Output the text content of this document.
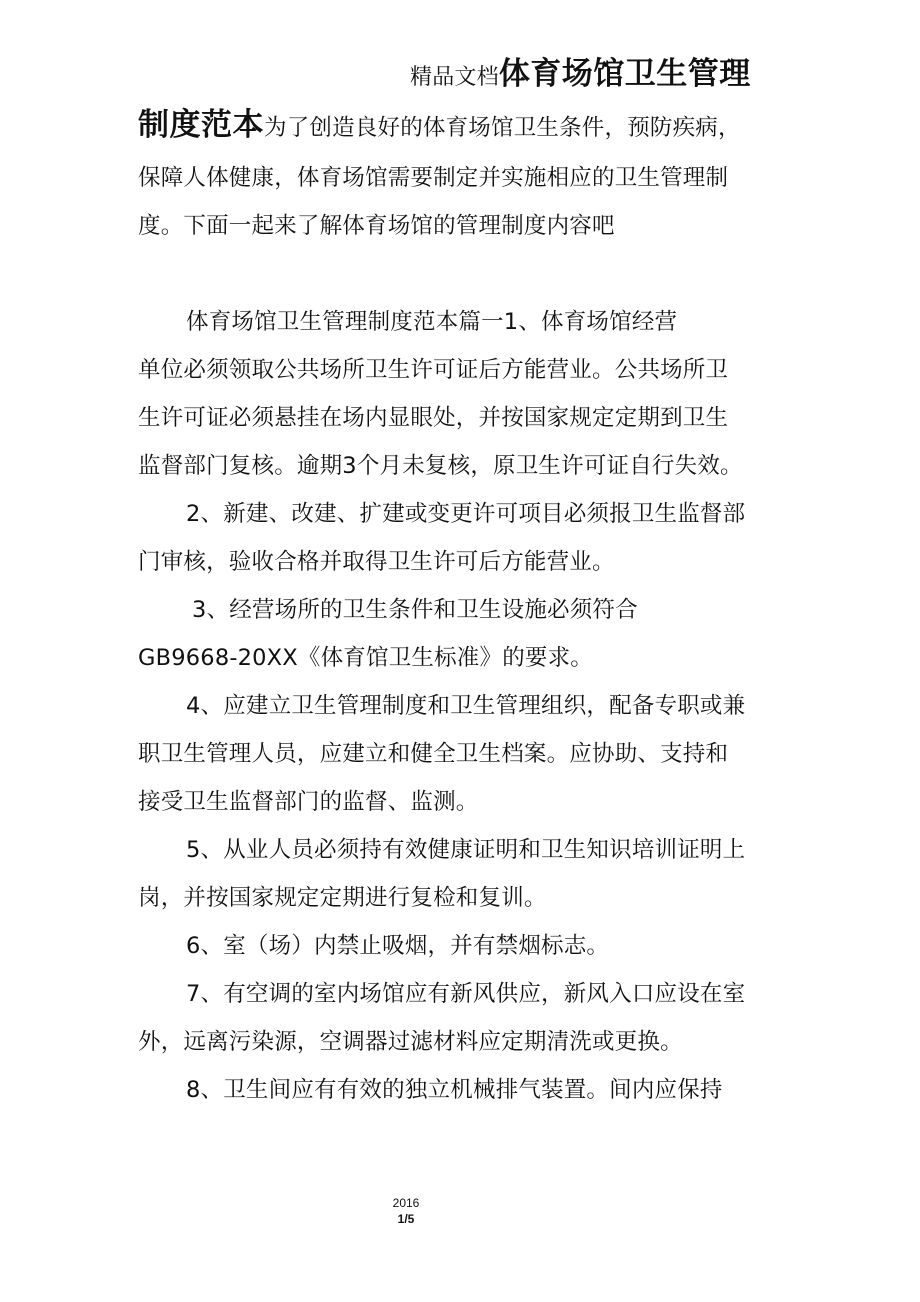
精品文档体育场馆卫生管理
制度范本为了创造良好的体育场馆卫生条件，预防疾病，
保障人体健康，体育场馆需要制定并实施相应的卫生管理制
度。下面一起来了解体育场馆的管理制度内容吧
体育场馆卫生管理制度范本篇一1、体育场馆经营
单位必须领取公共场所卫生许可证后方能营业。公共场所卫
生许可证必须悬挂在场内显眼处，并按国家规定定期到卫生
监督部门复核。逾期3个月未复核，原卫生许可证自行失效。
2、新建、改建、扩建或变更许可项目必须报卫生监督部
门审核，验收合格并取得卫生许可后方能营业。
3、经营场所的卫生条件和卫生设施必须符合
GB9668-20XX《体育馆卫生标准》的要求。
4、应建立卫生管理制度和卫生管理组织，配备专职或兼
职卫生管理人员，应建立和健全卫生档案。应协助、支持和
接受卫生监督部门的监督、监测。
5、从业人员必须持有效健康证明和卫生知识培训证明上
岗，并按国家规定定期进行复检和复训。
6、室（场）内禁止吸烟，并有禁烟标志。
7、有空调的室内场馆应有新风供应，新风入口应设在室
外，远离污染源，空调器过滤材料应定期清洗或更换。
8、卫生间应有有效的独立机械排气装置。间内应保持
2016
1/5
